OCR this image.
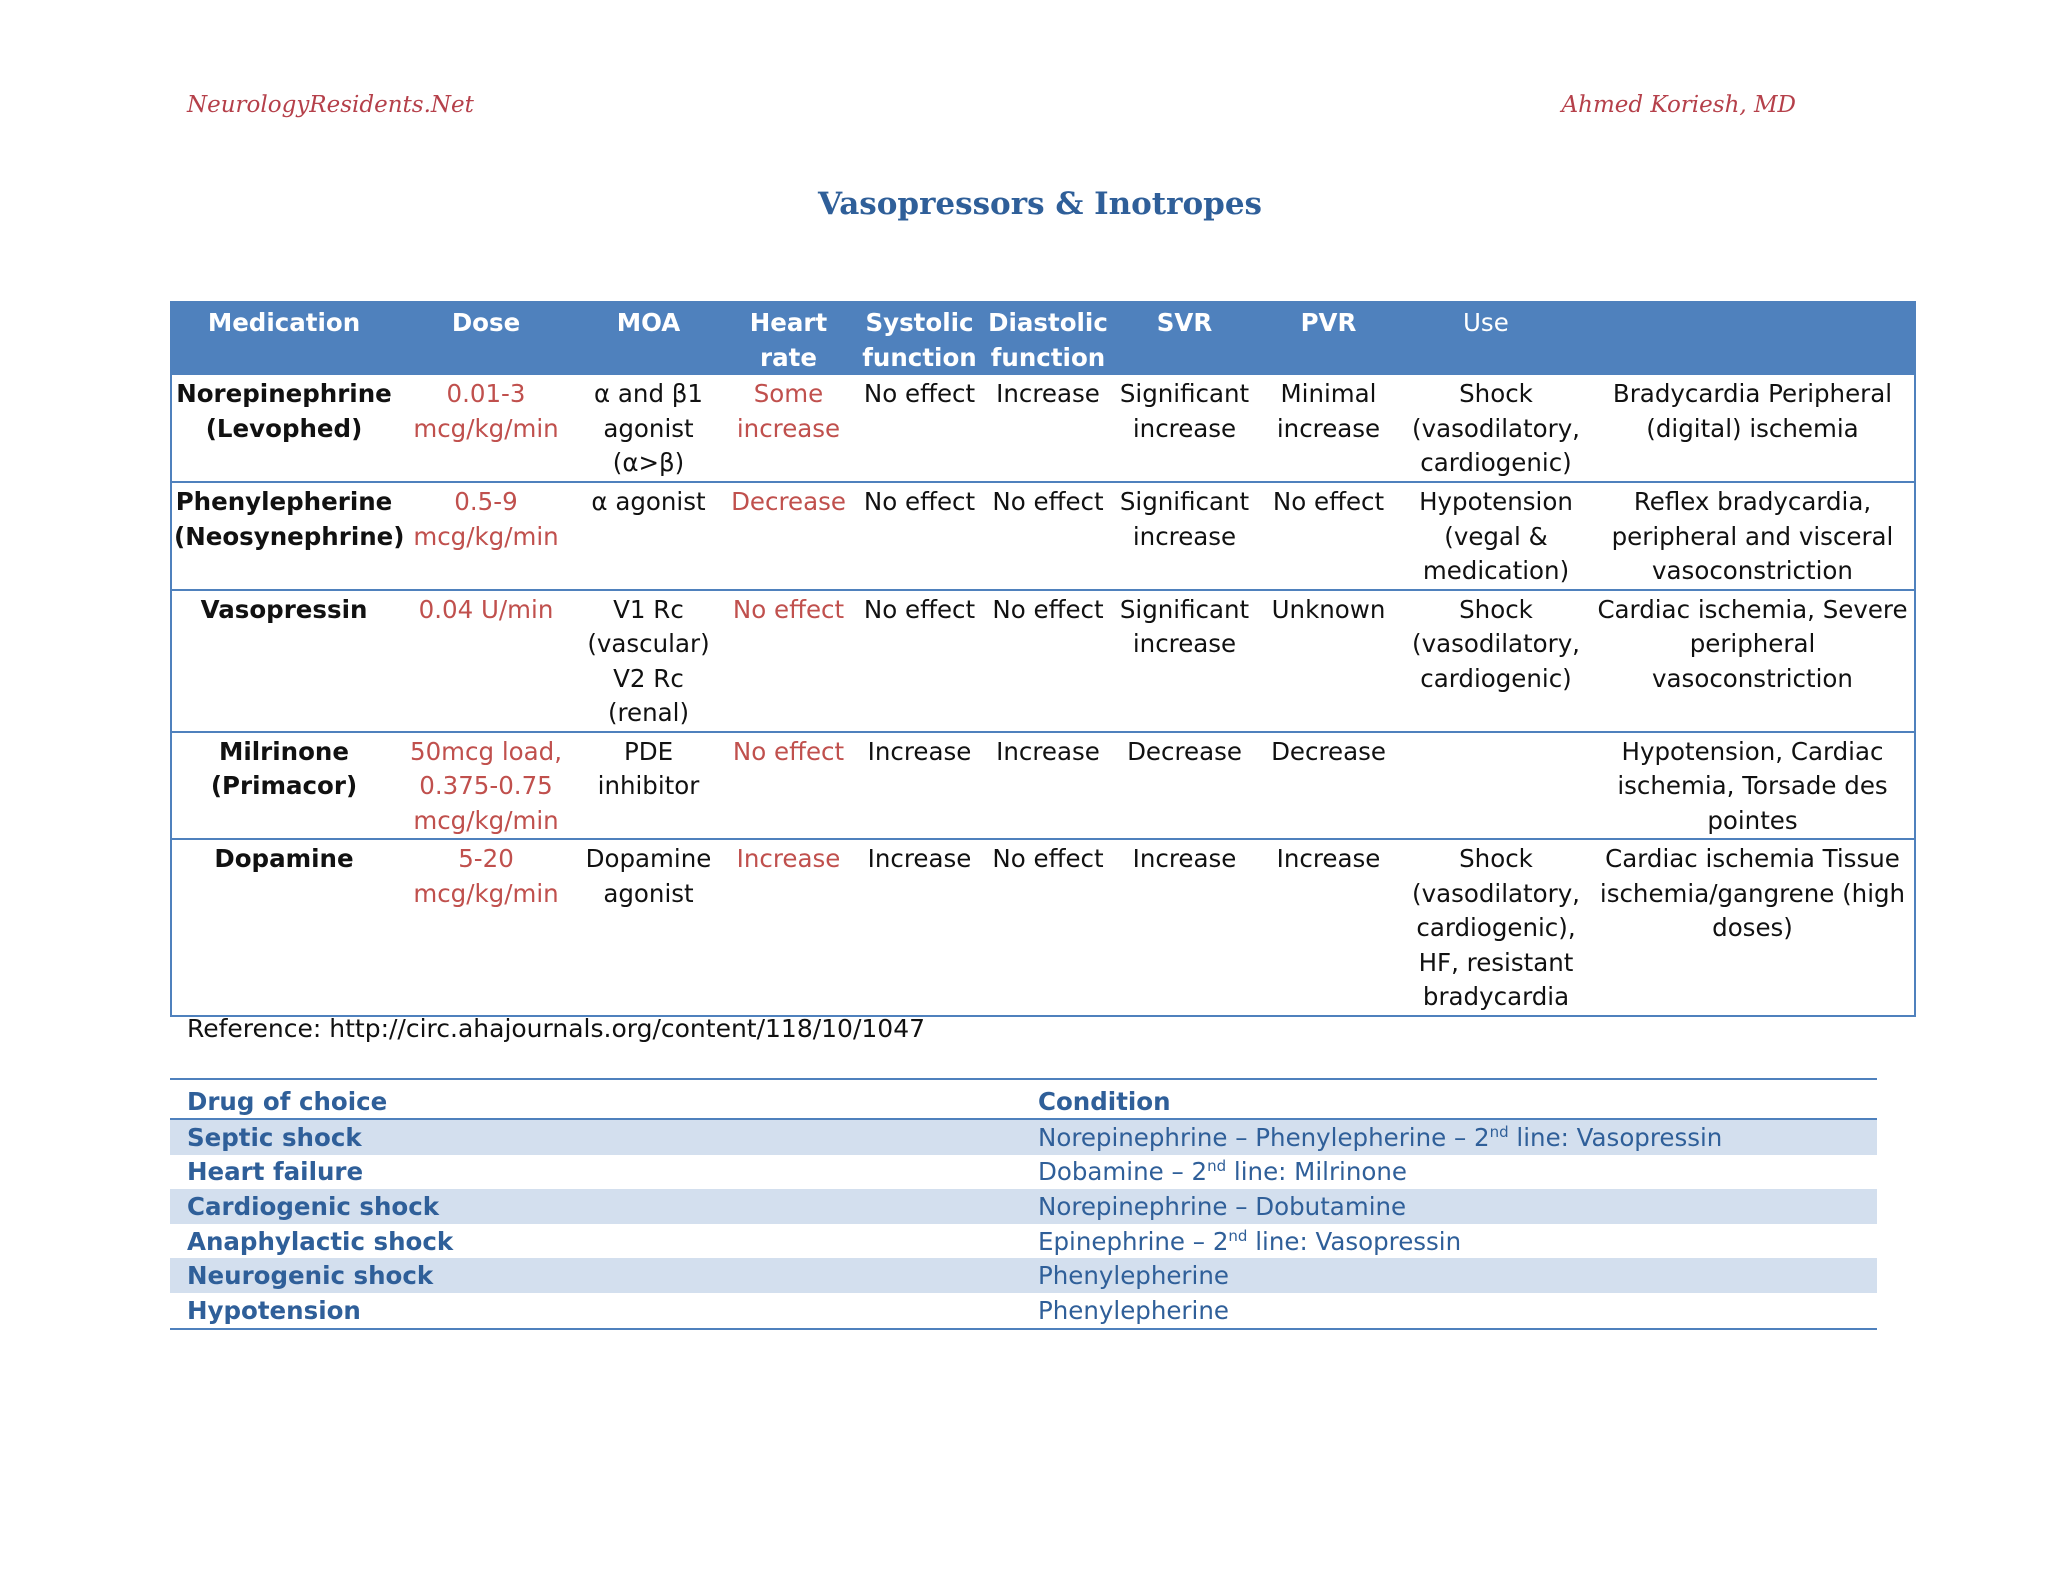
NeurologyResidents.Net	Ahmed Koriesh, MD
Vasopressors & Inotropes
Medication	Dose	MOA	Heart rate	Systolic function	Diastolic function	SVR	PVR	Use	
Norepinephrine (Levophed)	0.01-3 mcg/kg/min	α and β1 agonist (α>β)	Some increase	No effect	Increase	Significant increase	Minimal increase	Shock (vasodilatory, cardiogenic)	Bradycardia Peripheral (digital) ischemia
Phenylepherine (Neosynephrine)	0.5-9 mcg/kg/min	α agonist	Decrease	No effect	No effect	Significant increase	No effect	Hypotension (vegal & medication)	Reflex bradycardia, peripheral and visceral vasoconstriction
Vasopressin	0.04 U/min	V1 Rc (vascular) V2 Rc (renal)	No effect	No effect	No effect	Significant increase	Unknown	Shock (vasodilatory, cardiogenic)	Cardiac ischemia, Severe peripheral vasoconstriction
Milrinone (Primacor)	50mcg load, 0.375-0.75 mcg/kg/min	PDE inhibitor	No effect	Increase	Increase	Decrease	Decrease		Hypotension, Cardiac ischemia, Torsade des pointes
Dopamine	5-20 mcg/kg/min	Dopamine agonist	Increase	Increase	No effect	Increase	Increase	Shock (vasodilatory, cardiogenic), HF, resistant bradycardia	Cardiac ischemia Tissue ischemia/gangrene (high doses)
Reference: http://circ.ahajournals.org/content/118/10/1047
Drug of choice	Condition
Septic shock	Norepinephrine – Phenylepherine – 2nd line: Vasopressin
Heart failure	Dobamine – 2nd line: Milrinone
Cardiogenic shock	Norepinephrine – Dobutamine
Anaphylactic shock	Epinephrine – 2nd line: Vasopressin
Neurogenic shock	Phenylepherine
Hypotension	Phenylepherine
